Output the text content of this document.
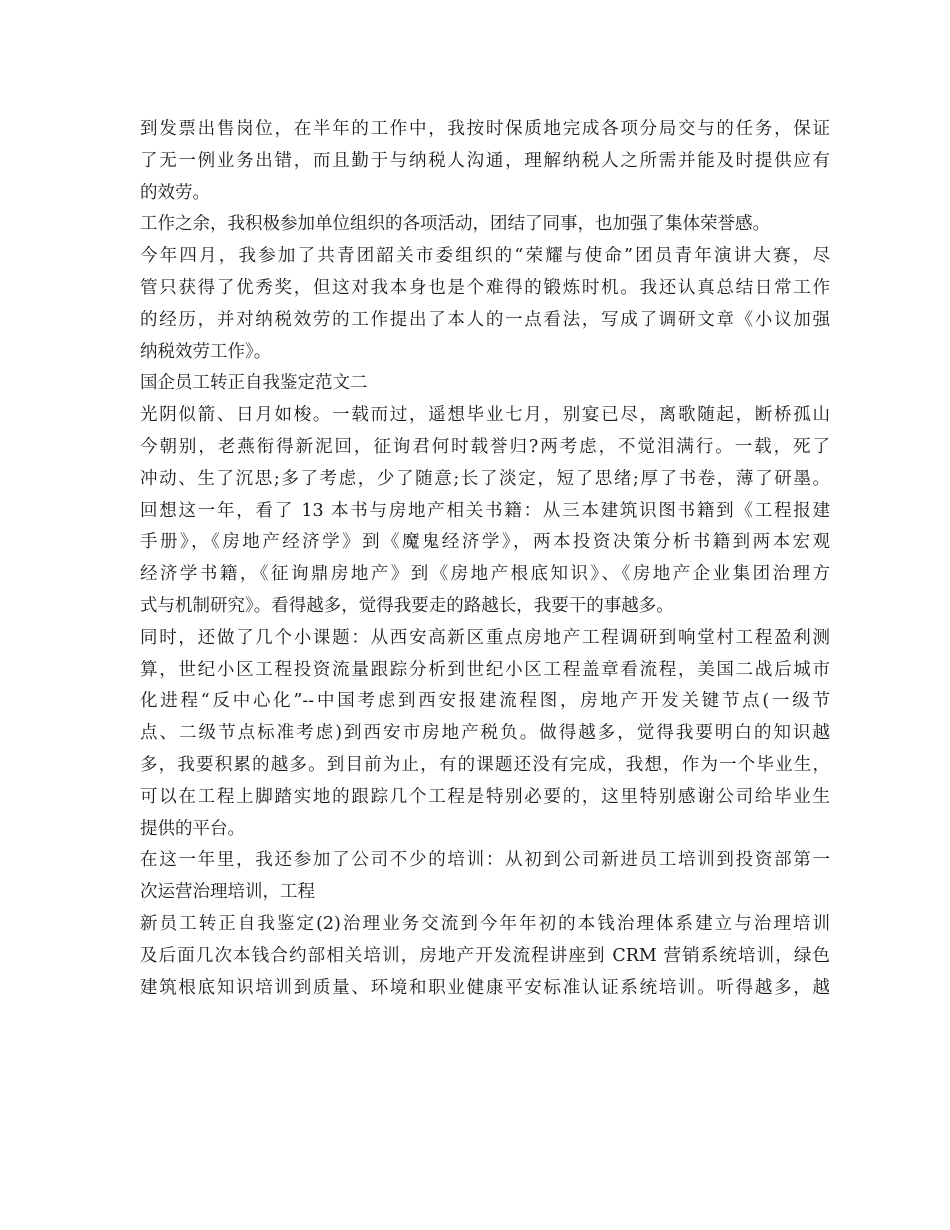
到发票出售岗位，在半年的工作中，我按时保质地完成各项分局交与的任务，保证
了无一例业务出错，而且勤于与纳税人沟通，理解纳税人之所需并能及时提供应有
的效劳。
工作之余，我积极参加单位组织的各项活动，团结了同事，也加强了集体荣誉感。
今年四月，我参加了共青团韶关市委组织的“荣耀与使命”团员青年演讲大赛，尽
管只获得了优秀奖，但这对我本身也是个难得的锻炼时机。我还认真总结日常工作
的经历，并对纳税效劳的工作提出了本人的一点看法，写成了调研文章《小议加强
纳税效劳工作》。
国企员工转正自我鉴定范文二
光阴似箭、日月如梭。一载而过，遥想毕业七月，别宴已尽，离歌随起，断桥孤山
今朝别，老燕衔得新泥回，征询君何时载誉归?两考虑，不觉泪满行。一载，死了
冲动、生了沉思;多了考虑，少了随意;长了淡定，短了思绪;厚了书卷，薄了研墨。
回想这一年，看了 13 本书与房地产相关书籍：从三本建筑识图书籍到《工程报建
手册》，《房地产经济学》到《魔鬼经济学》，两本投资决策分析书籍到两本宏观
经济学书籍，《征询鼎房地产》到《房地产根底知识》、《房地产企业集团治理方
式与机制研究》。看得越多，觉得我要走的路越长，我要干的事越多。
同时，还做了几个小课题：从西安高新区重点房地产工程调研到响堂村工程盈利测
算，世纪小区工程投资流量跟踪分析到世纪小区工程盖章看流程，美国二战后城市
化进程“反中心化”--中国考虑到西安报建流程图，房地产开发关键节点(一级节
点、二级节点标准考虑)到西安市房地产税负。做得越多，觉得我要明白的知识越
多，我要积累的越多。到目前为止，有的课题还没有完成，我想，作为一个毕业生，
可以在工程上脚踏实地的跟踪几个工程是特别必要的，这里特别感谢公司给毕业生
提供的平台。
在这一年里，我还参加了公司不少的培训：从初到公司新进员工培训到投资部第一
次运营治理培训，工程
新员工转正自我鉴定(2)治理业务交流到今年年初的本钱治理体系建立与治理培训
及后面几次本钱合约部相关培训，房地产开发流程讲座到 CRM 营销系统培训，绿色
建筑根底知识培训到质量、环境和职业健康平安标准认证系统培训。听得越多，越
